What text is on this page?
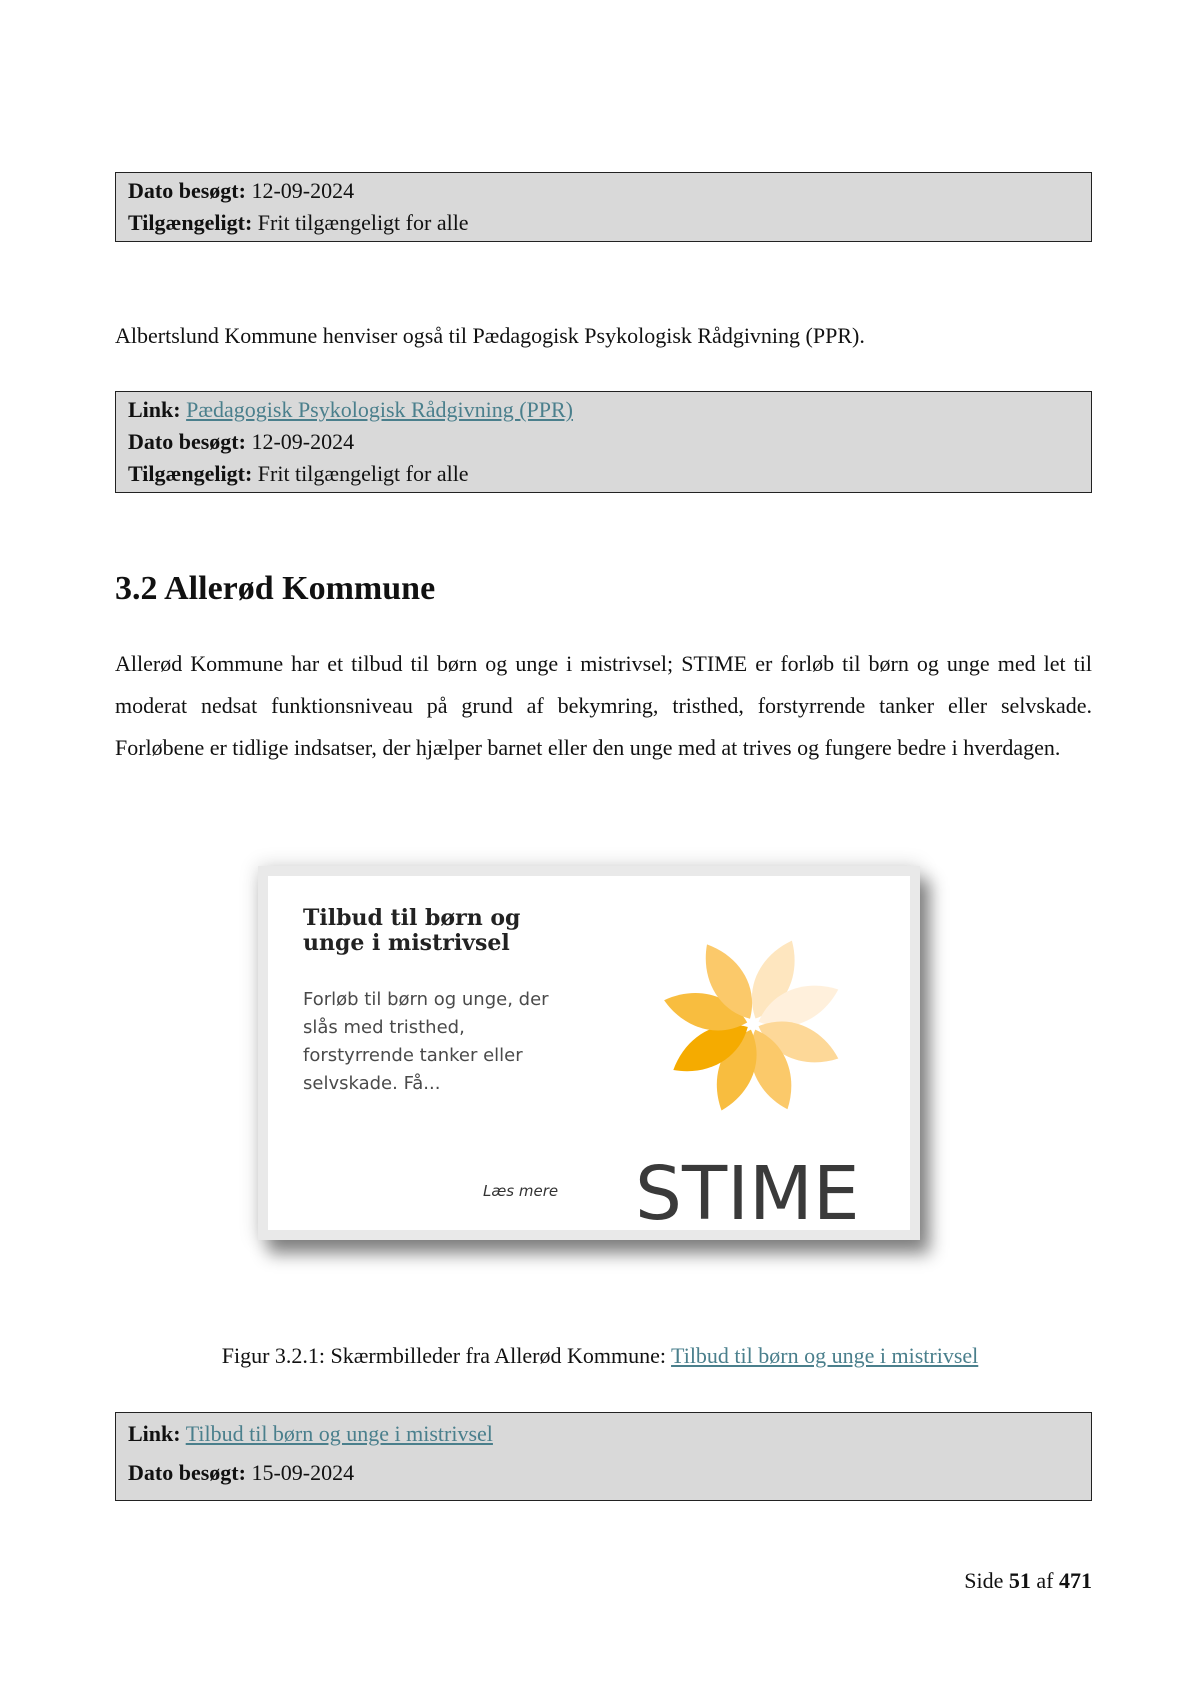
Dato besøgt: 12-09-2024
Tilgængeligt: Frit tilgængeligt for alle
Albertslund Kommune henviser også til Pædagogisk Psykologisk Rådgivning (PPR).
Link: Pædagogisk Psykologisk Rådgivning (PPR)
Dato besøgt: 12-09-2024
Tilgængeligt: Frit tilgængeligt for alle
3.2 Allerød Kommune
Allerød Kommune har et tilbud til børn og unge i mistrivsel; STIME er forløb til børn og unge med let til moderat nedsat funktionsniveau på grund af bekymring, tristhed, forstyrrende tanker eller selvskade. Forløbene er tidlige indsatser, der hjælper barnet eller den unge med at trives og fungere bedre i hverdagen.
Tilbud til børn og unge i mistrivsel
Forløb til børn og unge, der slås med tristhed, forstyrrende tanker eller selvskade. Få...
Læs mere STIME
Figur 3.2.1: Skærmbilleder fra Allerød Kommune: Tilbud til børn og unge i mistrivsel
Link: Tilbud til børn og unge i mistrivsel
Dato besøgt: 15-09-2024
Side 51 af 471
